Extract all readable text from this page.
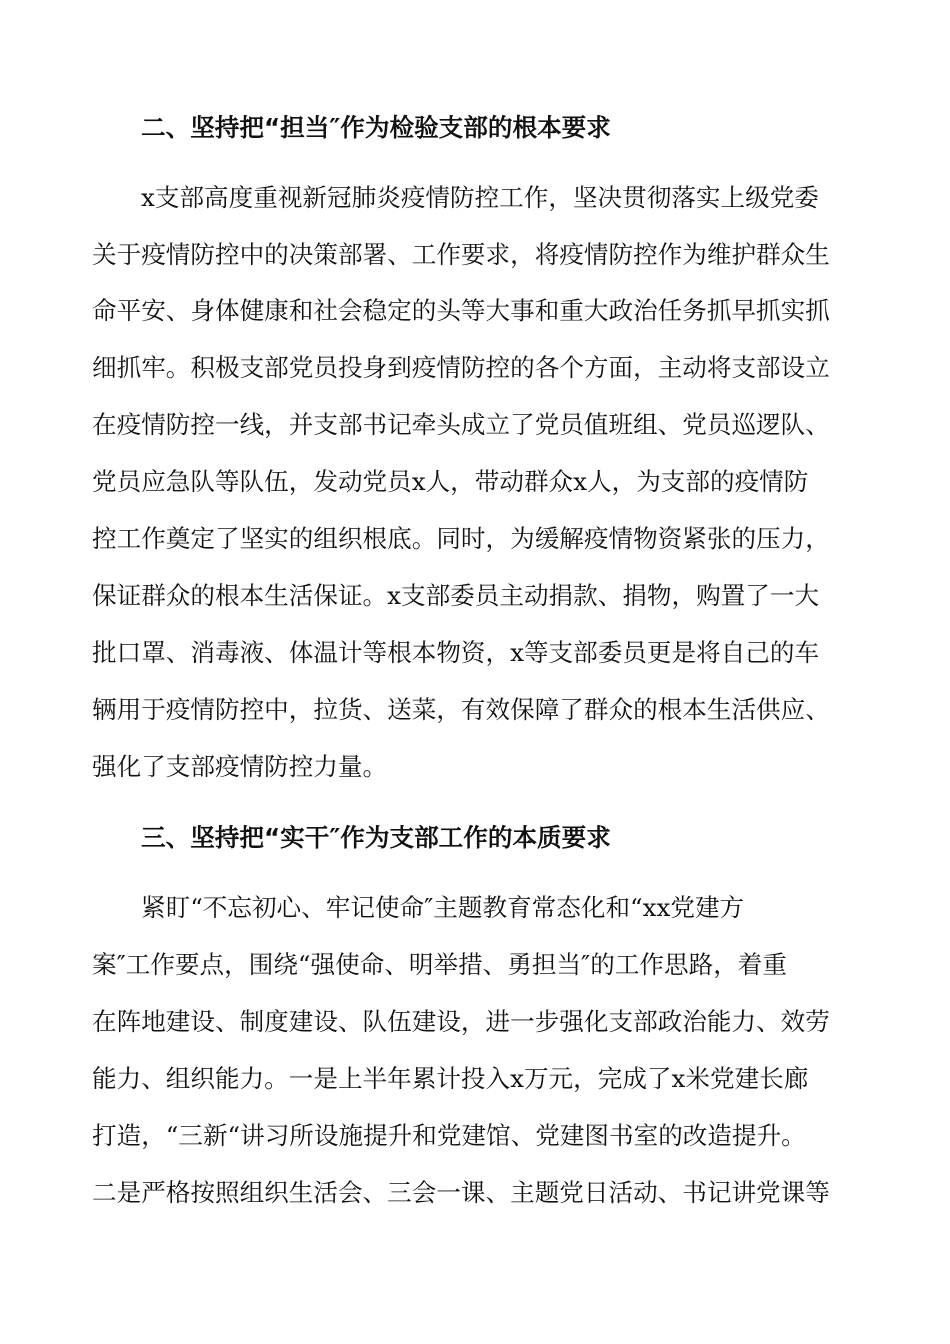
二、坚持把“担当″作为检验支部的根本要求
x支部高度重视新冠肺炎疫情防控工作，坚决贯彻落实上级党委
关于疫情防控中的决策部署、工作要求，将疫情防控作为维护群众生
命平安、身体健康和社会稳定的头等大事和重大政治任务抓早抓实抓
细抓牢。积极支部党员投身到疫情防控的各个方面，主动将支部设立
在疫情防控一线，并支部书记牵头成立了党员值班组、党员巡逻队、
党员应急队等队伍，发动党员x人，带动群众x人，为支部的疫情防
控工作奠定了坚实的组织根底。同时，为缓解疫情物资紧张的压力，
保证群众的根本生活保证。x支部委员主动捐款、捐物，购置了一大
批口罩、消毒液、体温计等根本物资，x等支部委员更是将自己的车
辆用于疫情防控中，拉货、送菜，有效保障了群众的根本生活供应、
强化了支部疫情防控力量。
三、坚持把“实干″作为支部工作的本质要求
紧盯“不忘初心、牢记使命″主题教育常态化和“xx党建方
案″工作要点，围绕“强使命、明举措、勇担当″的工作思路，着重
在阵地建设、制度建设、队伍建设，进一步强化支部政治能力、效劳
能力、组织能力。一是上半年累计投入x万元，完成了x米党建长廊
打造，“三新“讲习所设施提升和党建馆、党建图书室的改造提升。
二是严格按照组织生活会、三会一课、主题党日活动、书记讲党课等
